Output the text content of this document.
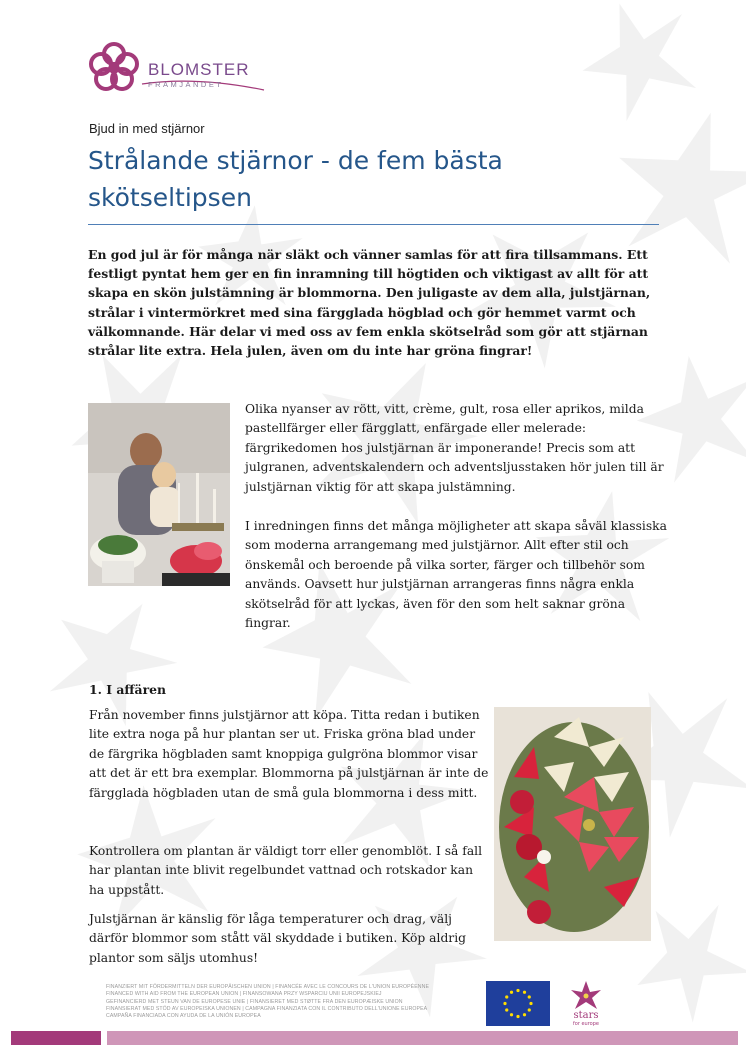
BLOMSTER
FRÄMJANDET
Bjud in med stjärnor
Strålande stjärnor - de fem bästa skötseltipsen

En god jul är för många när släkt och vänner samlas för att fira tillsammans. Ett festligt pyntat hem ger en fin inramning till högtiden och viktigast av allt för att skapa en skön julstämning är blommorna. Den juligaste av dem alla, julstjärnan, strålar i vintermörkret med sina färgglada högblad och gör hemmet varmt och välkomnande. Här delar vi med oss av fem enkla skötselråd som gör att stjärnan strålar lite extra. Hela julen, även om du inte har gröna fingrar!

Olika nyanser av rött, vitt, crème, gult, rosa eller aprikos, milda pastellfärger eller färgglatt, enfärgade eller melerade: färgrikedomen hos julstjärnan är imponerande! Precis som att julgranen, adventskalendern och adventsljusstaken hör julen till är julstjärnan viktig för att skapa julstämning.

I inredningen finns det många möjligheter att skapa såväl klassiska som moderna arrangemang med julstjärnor. Allt efter stil och önskemål och beroende på vilka sorter, färger och tillbehör som används. Oavsett hur julstjärnan arrangeras finns några enkla skötselråd för att lyckas, även för den som helt saknar gröna fingrar.

1. I affären

Från november finns julstjärnor att köpa. Titta redan i butiken lite extra noga på hur plantan ser ut. Friska gröna blad under de färgrika högbladen samt knoppiga gulgröna blommor visar att det är ett bra exemplar. Blommorna på julstjärnan är inte de färgglada högbladen utan de små gula blommorna i dess mitt.

Kontrollera om plantan är väldigt torr eller genomblöt. I så fall har plantan inte blivit regelbundet vattnad och rotskador kan ha uppstått.

Julstjärnan är känslig för låga temperaturer och drag, välj därför blommor som stått väl skyddade i butiken. Köp aldrig plantor som säljs utomhus!

FINANZIERT MIT FÖRDERMITTELN DER EUROPÄISCHEN UNION | FINANCÉE AVEC LE CONCOURS DE L'UNION EUROPÉENNE
FINANCED WITH AID FROM THE EUROPEAN UNION | FINANSOWANA PRZY WSPARCIU UNII EUROPEJSKIEJ
GEFINANCIERD MET STEUN VAN DE EUROPESE UNIE | FINANSIERET MED STØTTE FRA DEN EUROPÆISKE UNION
FINANSIERAT MED STÖD AV EUROPEISKA UNIONEN | CAMPAGNA FINANZIATA CON IL CONTRIBUTO DELL'UNIONE EUROPEA
CAMPAÑA FINANCIADA CON AYUDA DE LA UNIÓN EUROPEA	stars
for europe
